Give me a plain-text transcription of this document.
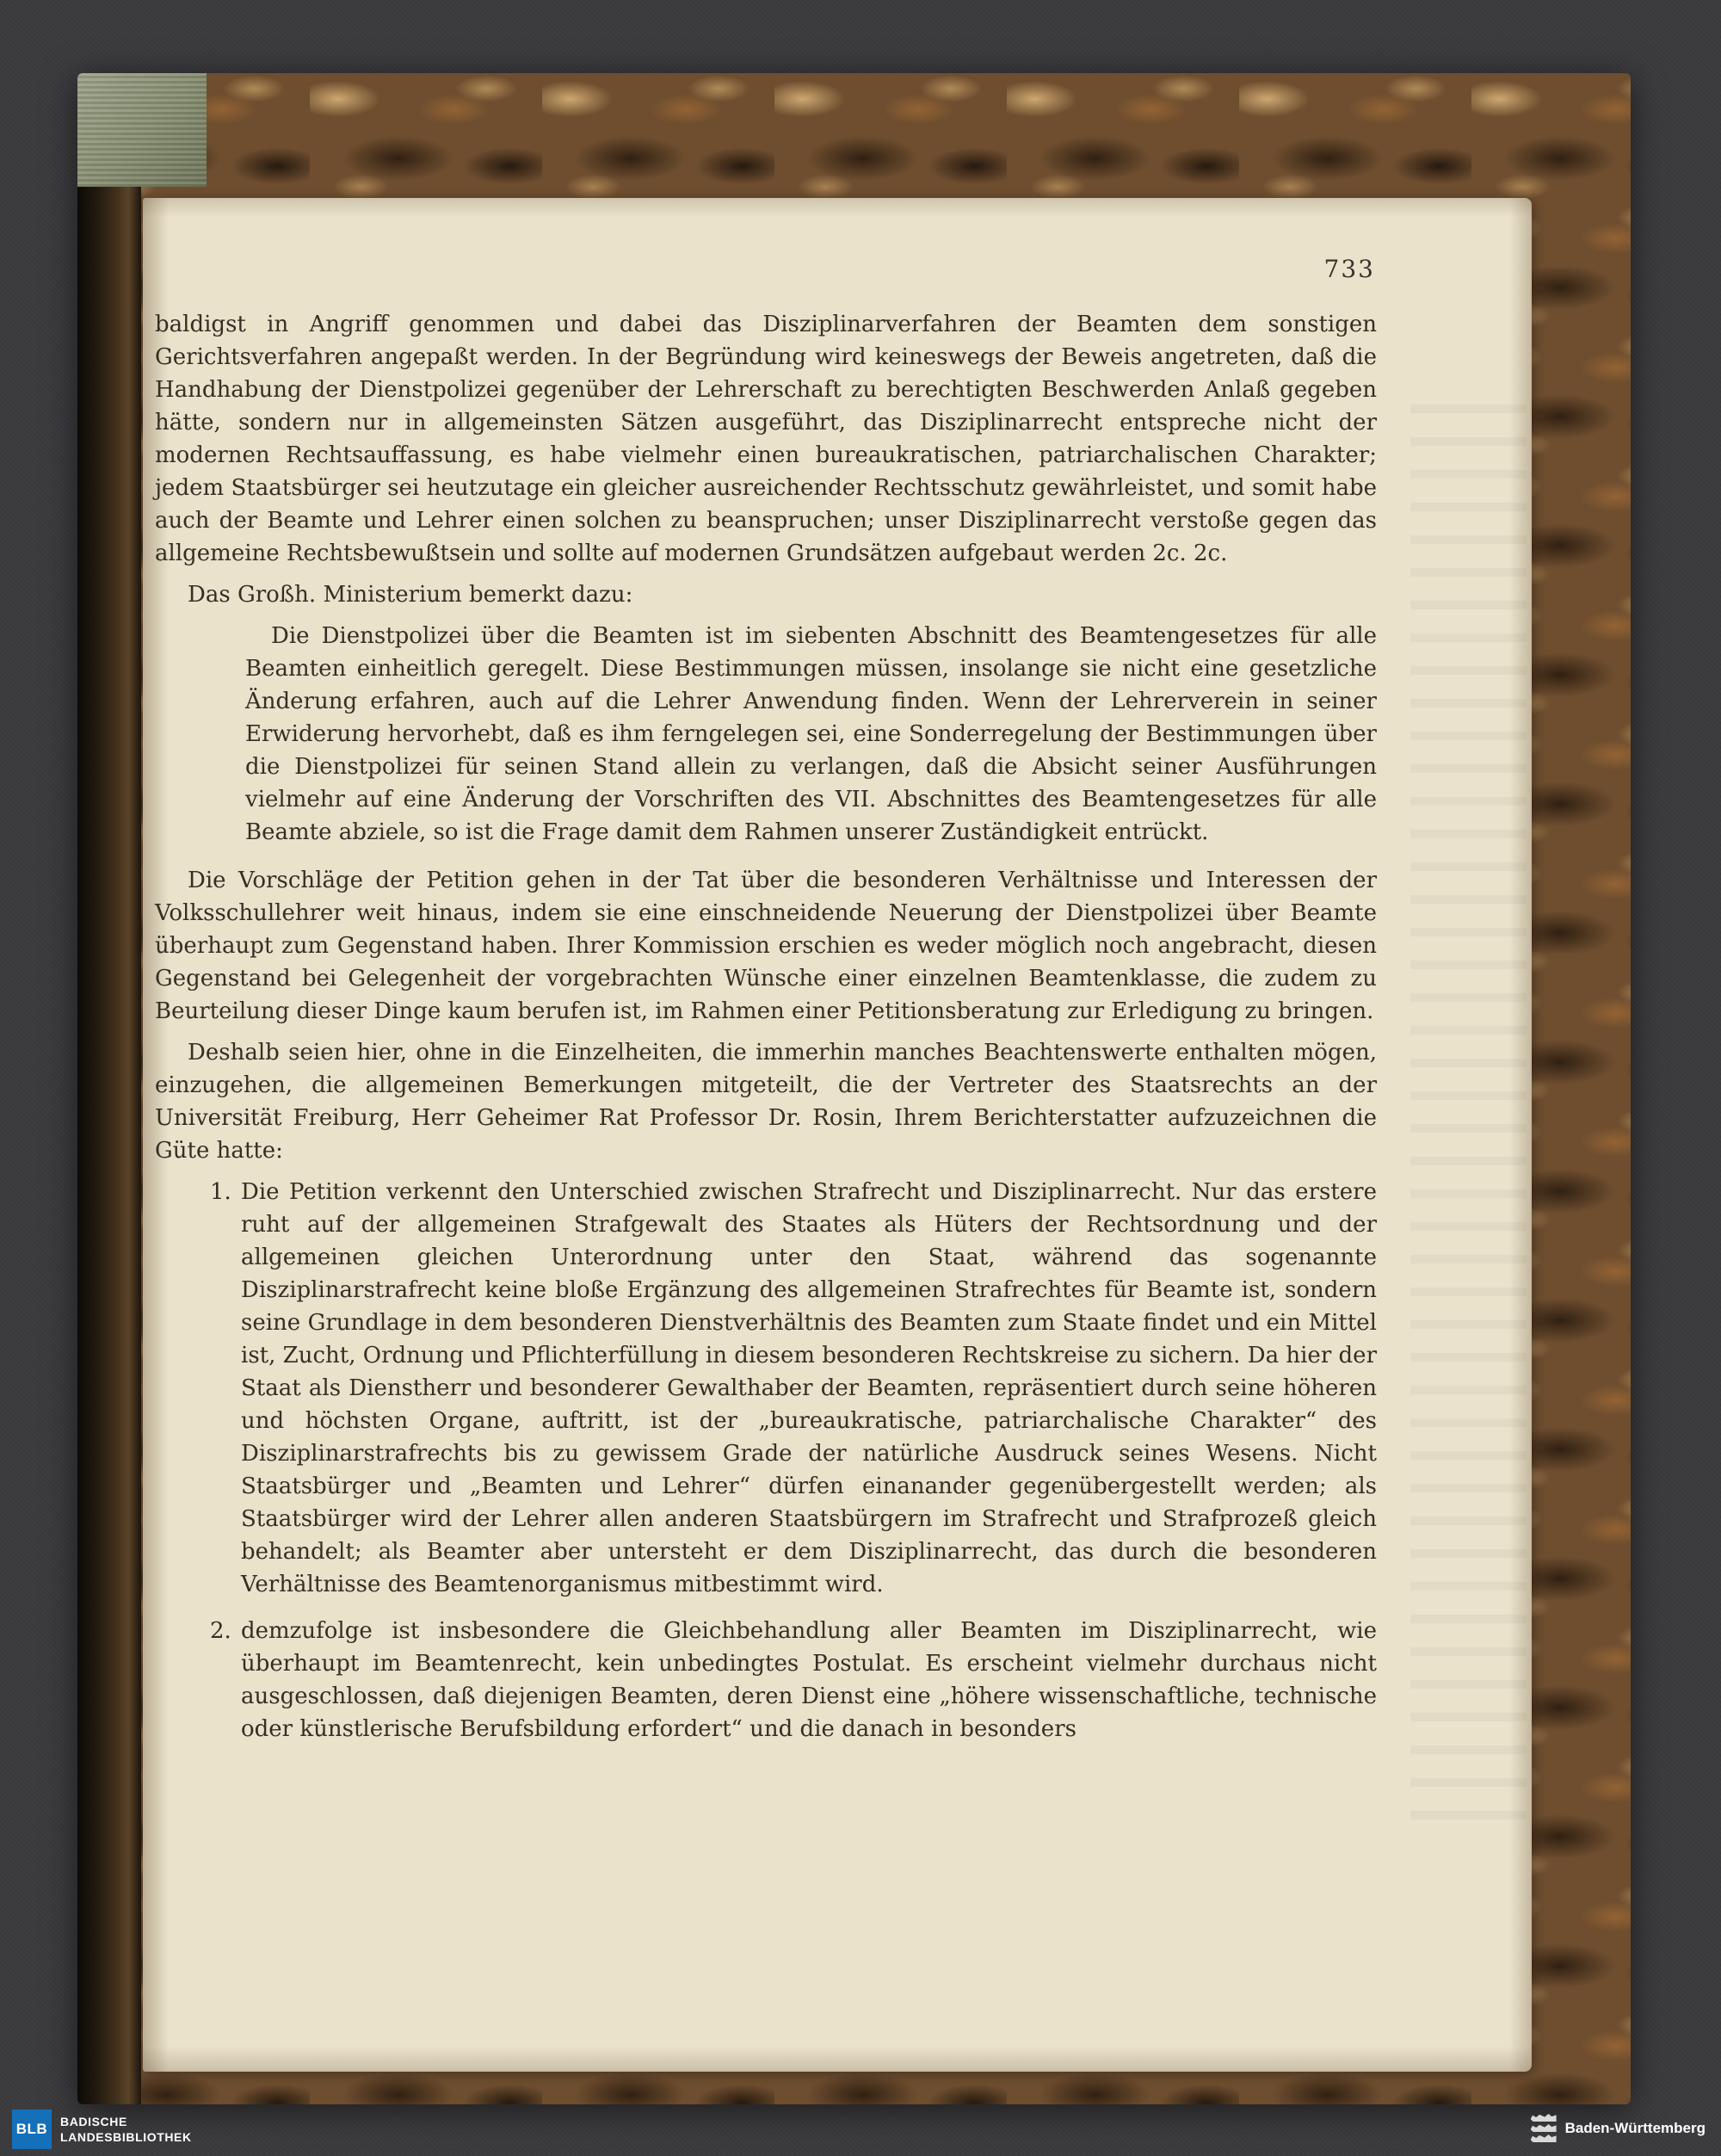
733

baldigst in Angriff genommen und dabei das Disziplinarverfahren der Beamten dem sonstigen Gerichtsverfahren angepaßt werden. In der Begründung wird keineswegs der Beweis angetreten, daß die Handhabung der Dienstpolizei gegenüber der Lehrerschaft zu berechtigten Beschwerden Anlaß gegeben hätte, sondern nur in allgemeinsten Sätzen ausgeführt, das Disziplinarrecht entspreche nicht der modernen Rechtsauffassung, es habe vielmehr einen bureaukratischen, patriarchalischen Charakter; jedem Staatsbürger sei heutzutage ein gleicher ausreichender Rechtsschutz gewährleistet, und somit habe auch der Beamte und Lehrer einen solchen zu beanspruchen; unser Disziplinarrecht verstoße gegen das allgemeine Rechtsbewußtsein und sollte auf modernen Grundsätzen aufgebaut werden 2c. 2c.

Das Großh. Ministerium bemerkt dazu:

Die Dienstpolizei über die Beamten ist im siebenten Abschnitt des Beamtengesetzes für alle Beamten einheitlich geregelt. Diese Bestimmungen müssen, insolange sie nicht eine gesetzliche Änderung erfahren, auch auf die Lehrer Anwendung finden. Wenn der Lehrerverein in seiner Erwiderung hervorhebt, daß es ihm ferngelegen sei, eine Sonderregelung der Bestimmungen über die Dienstpolizei für seinen Stand allein zu verlangen, daß die Absicht seiner Ausführungen vielmehr auf eine Änderung der Vorschriften des VII. Abschnittes des Beamtengesetzes für alle Beamte abziele, so ist die Frage damit dem Rahmen unserer Zuständigkeit entrückt.

Die Vorschläge der Petition gehen in der Tat über die besonderen Verhältnisse und Interessen der Volksschullehrer weit hinaus, indem sie eine einschneidende Neuerung der Dienstpolizei über Beamte überhaupt zum Gegenstand haben. Ihrer Kommission erschien es weder möglich noch angebracht, diesen Gegenstand bei Gelegenheit der vorgebrachten Wünsche einer einzelnen Beamtenklasse, die zudem zu Beurteilung dieser Dinge kaum berufen ist, im Rahmen einer Petitionsberatung zur Erledigung zu bringen.

Deshalb seien hier, ohne in die Einzelheiten, die immerhin manches Beachtenswerte enthalten mögen, einzugehen, die allgemeinen Bemerkungen mitgeteilt, die der Vertreter des Staatsrechts an der Universität Freiburg, Herr Geheimer Rat Professor Dr. Rosin, Ihrem Berichterstatter aufzuzeichnen die Güte hatte:

1. Die Petition verkennt den Unterschied zwischen Strafrecht und Disziplinarrecht. Nur das erstere ruht auf der allgemeinen Strafgewalt des Staates als Hüters der Rechtsordnung und der allgemeinen gleichen Unterordnung unter den Staat, während das sogenannte Disziplinarstrafrecht keine bloße Ergänzung des allgemeinen Strafrechtes für Beamte ist, sondern seine Grundlage in dem besonderen Dienstverhältnis des Beamten zum Staate findet und ein Mittel ist, Zucht, Ordnung und Pflichterfüllung in diesem besonderen Rechtskreise zu sichern. Da hier der Staat als Dienstherr und besonderer Gewalthaber der Beamten, repräsentiert durch seine höheren und höchsten Organe, auftritt, ist der „bureaukratische, patriarchalische Charakter“ des Disziplinarstrafrechts bis zu gewissem Grade der natürliche Ausdruck seines Wesens. Nicht Staatsbürger und „Beamten und Lehrer“ dürfen einanander gegenübergestellt werden; als Staatsbürger wird der Lehrer allen anderen Staatsbürgern im Strafrecht und Strafprozeß gleich behandelt; als Beamter aber untersteht er dem Disziplinarrecht, das durch die besonderen Verhältnisse des Beamtenorganismus mitbestimmt wird.
2. demzufolge ist insbesondere die Gleichbehandlung aller Beamten im Disziplinarrecht, wie überhaupt im Beamtenrecht, kein unbedingtes Postulat. Es erscheint vielmehr durchaus nicht ausgeschlossen, daß diejenigen Beamten, deren Dienst eine „höhere wissenschaftliche, technische oder künstlerische Berufsbildung erfordert“ und die danach in besonders
BLB BADISCHE
LANDESBIBLIOTHEK
Baden-Württemberg
